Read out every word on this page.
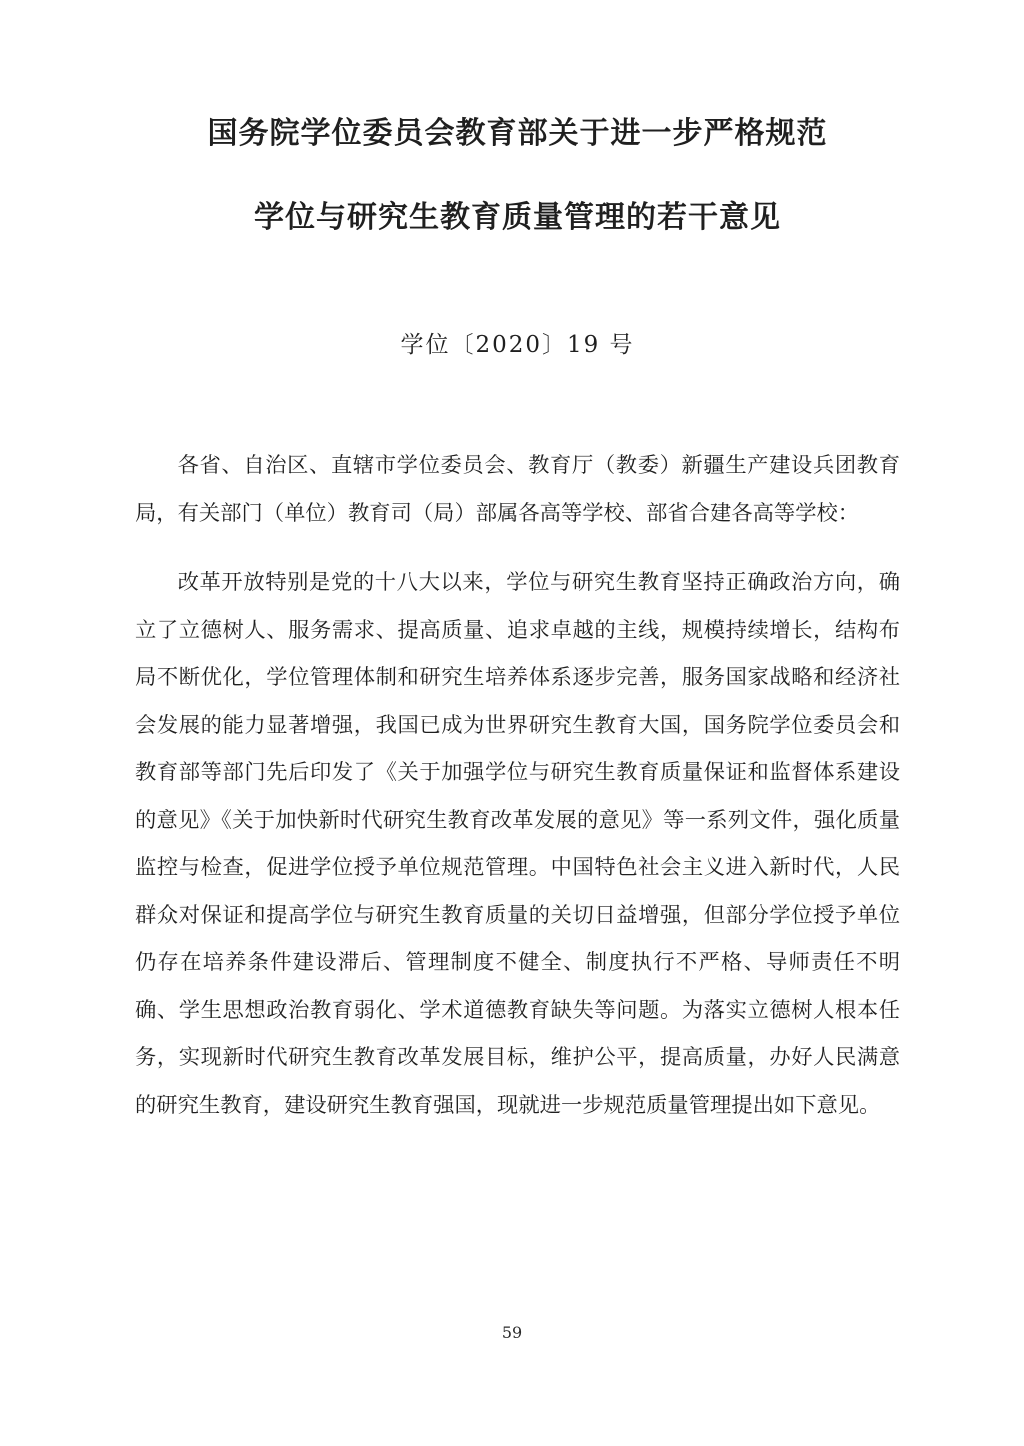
国务院学位委员会教育部关于进一步严格规范
学位与研究生教育质量管理的若干意见
学位〔2020〕19 号

各省、自治区、直辖市学位委员会、教育厅（教委）新疆生产建设兵团教育局，有关部门（单位）教育司（局）部属各高等学校、部省合建各高等学校：

改革开放特别是党的十八大以来，学位与研究生教育坚持正确政治方向，确立了立德树人、服务需求、提高质量、追求卓越的主线，规模持续增长，结构布局不断优化，学位管理体制和研究生培养体系逐步完善，服务国家战略和经济社会发展的能力显著增强，我国已成为世界研究生教育大国，国务院学位委员会和教育部等部门先后印发了《关于加强学位与研究生教育质量保证和监督体系建设的意见》《关于加快新时代研究生教育改革发展的意见》等一系列文件，强化质量监控与检查，促进学位授予单位规范管理。中国特色社会主义进入新时代，人民群众对保证和提高学位与研究生教育质量的关切日益增强，但部分学位授予单位仍存在培养条件建设滞后、管理制度不健全、制度执行不严格、导师责任不明确、学生思想政治教育弱化、学术道德教育缺失等问题。为落实立德树人根本任务，实现新时代研究生教育改革发展目标，维护公平，提高质量，办好人民满意的研究生教育，建设研究生教育强国，现就进一步规范质量管理提出如下意见。

59
